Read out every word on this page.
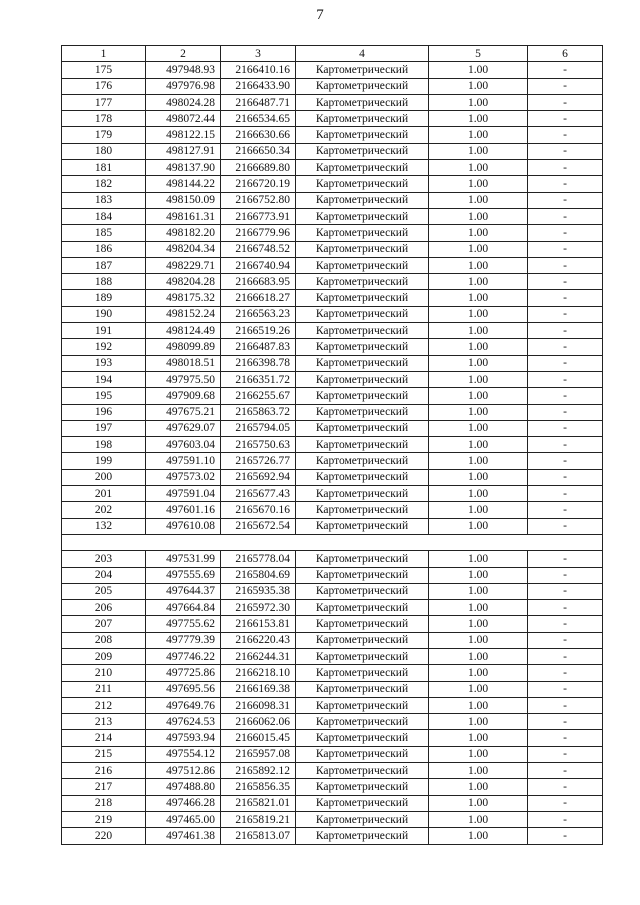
7
1	2	3	4	5	6
175	497948.93	2166410.16	Картометрический	1.00	-
176	497976.98	2166433.90	Картометрический	1.00	-
177	498024.28	2166487.71	Картометрический	1.00	-
178	498072.44	2166534.65	Картометрический	1.00	-
179	498122.15	2166630.66	Картометрический	1.00	-
180	498127.91	2166650.34	Картометрический	1.00	-
181	498137.90	2166689.80	Картометрический	1.00	-
182	498144.22	2166720.19	Картометрический	1.00	-
183	498150.09	2166752.80	Картометрический	1.00	-
184	498161.31	2166773.91	Картометрический	1.00	-
185	498182.20	2166779.96	Картометрический	1.00	-
186	498204.34	2166748.52	Картометрический	1.00	-
187	498229.71	2166740.94	Картометрический	1.00	-
188	498204.28	2166683.95	Картометрический	1.00	-
189	498175.32	2166618.27	Картометрический	1.00	-
190	498152.24	2166563.23	Картометрический	1.00	-
191	498124.49	2166519.26	Картометрический	1.00	-
192	498099.89	2166487.83	Картометрический	1.00	-
193	498018.51	2166398.78	Картометрический	1.00	-
194	497975.50	2166351.72	Картометрический	1.00	-
195	497909.68	2166255.67	Картометрический	1.00	-
196	497675.21	2165863.72	Картометрический	1.00	-
197	497629.07	2165794.05	Картометрический	1.00	-
198	497603.04	2165750.63	Картометрический	1.00	-
199	497591.10	2165726.77	Картометрический	1.00	-
200	497573.02	2165692.94	Картометрический	1.00	-
201	497591.04	2165677.43	Картометрический	1.00	-
202	497601.16	2165670.16	Картометрический	1.00	-
132	497610.08	2165672.54	Картометрический	1.00	-

203	497531.99	2165778.04	Картометрический	1.00	-
204	497555.69	2165804.69	Картометрический	1.00	-
205	497644.37	2165935.38	Картометрический	1.00	-
206	497664.84	2165972.30	Картометрический	1.00	-
207	497755.62	2166153.81	Картометрический	1.00	-
208	497779.39	2166220.43	Картометрический	1.00	-
209	497746.22	2166244.31	Картометрический	1.00	-
210	497725.86	2166218.10	Картометрический	1.00	-
211	497695.56	2166169.38	Картометрический	1.00	-
212	497649.76	2166098.31	Картометрический	1.00	-
213	497624.53	2166062.06	Картометрический	1.00	-
214	497593.94	2166015.45	Картометрический	1.00	-
215	497554.12	2165957.08	Картометрический	1.00	-
216	497512.86	2165892.12	Картометрический	1.00	-
217	497488.80	2165856.35	Картометрический	1.00	-
218	497466.28	2165821.01	Картометрический	1.00	-
219	497465.00	2165819.21	Картометрический	1.00	-
220	497461.38	2165813.07	Картометрический	1.00	-
